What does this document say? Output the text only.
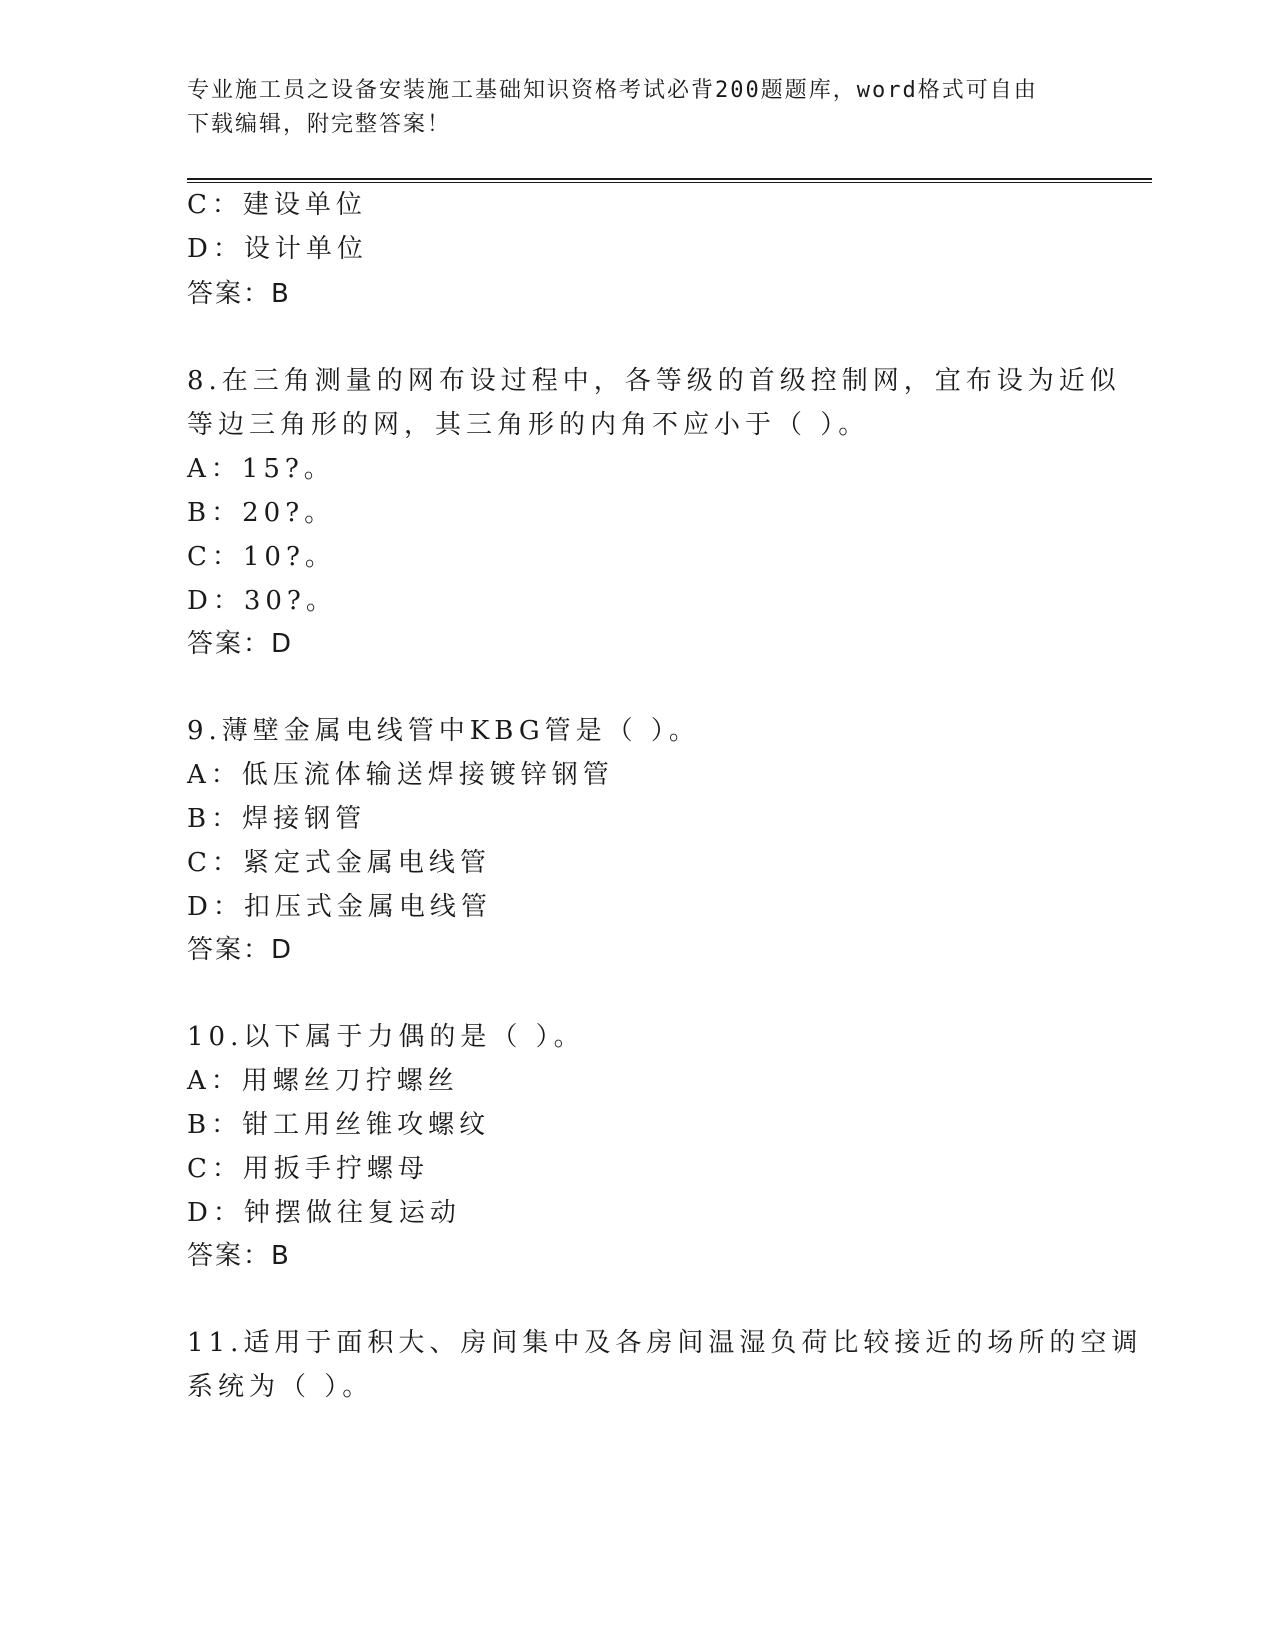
专业施工员之设备安装施工基础知识资格考试必背200题题库，word格式可自由
下载编辑，附完整答案！
C：建设单位
D：设计单位
答案：B
8.在三角测量的网布设过程中，各等级的首级控制网，宜布设为近似
等边三角形的网，其三角形的内角不应小于（ ）。
A：15?。
B：20?。
C：10?。
D：30?。
答案：D
9.薄壁金属电线管中KBG管是（ ）。
A：低压流体输送焊接镀锌钢管
B：焊接钢管
C：紧定式金属电线管
D：扣压式金属电线管
答案：D
10.以下属于力偶的是（ ）。
A：用螺丝刀拧螺丝
B：钳工用丝锥攻螺纹
C：用扳手拧螺母
D：钟摆做往复运动
答案：B
11.适用于面积大、房间集中及各房间温湿负荷比较接近的场所的空调
系统为（ ）。
